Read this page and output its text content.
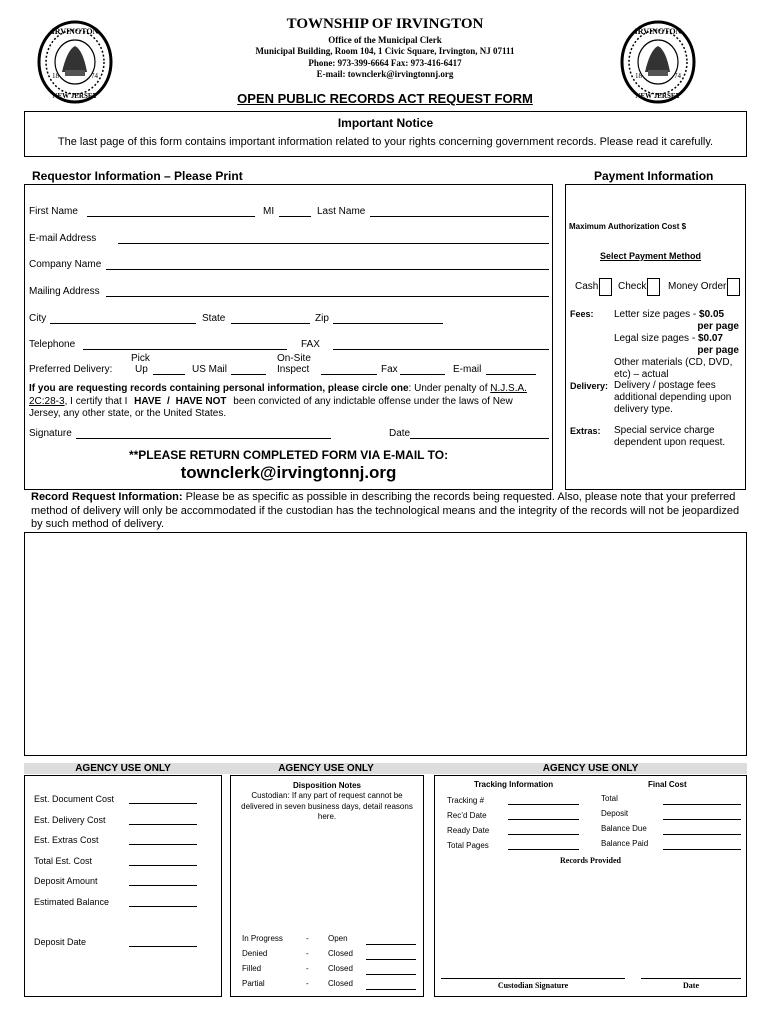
IRVINGTON
NEW JERSEY
18	74
IRVINGTON
NEW JERSEY
18	74
TOWNSHIP OF IRVINGTON
Office of the Municipal Clerk
Municipal Building, Room 104, 1 Civic Square, Irvington, NJ 07111
Phone: 973-399-6664 Fax: 973-416-6417
E-mail: townclerk@irvingtonnj.org
OPEN PUBLIC RECORDS ACT REQUEST FORM
Important Notice
The last page of this form contains important information related to your rights concerning government records. Please read it carefully.
Requestor Information – Please Print	Payment Information
First Name	MI	Last Name
E-mail Address
Company Name
Mailing Address
City	State	Zip
Telephone	FAX
Pick	On-Site
Preferred Delivery: Up	US Mail	Inspect	Fax	E-mail
If you are requesting records containing personal information, please circle one: Under penalty of N.J.S.A.
2C:28-3, I certify that I HAVE / HAVE NOT been convicted of any indictable offense under the laws of New
Jersey, any other state, or the United States.
Signature	Date
**PLEASE RETURN COMPLETED FORM VIA E-MAIL TO:
townclerk@irvingtonnj.org
Maximum Authorization Cost $
Select Payment Method
Cash Check Money Order
Fees: Letter size pages - $0.05
per page
Legal size pages - $0.07
per page
Other materials (CD, DVD,
etc) – actual
Delivery: Delivery / postage fees
additional depending upon
delivery type.
Extras: Special service charge
dependent upon request.
Record Request Information: Please be as specific as possible in describing the records being requested. Also, please note that your preferred method of delivery will only be accommodated if the custodian has the technological means and the integrity of the records will not be jeopardized by such method of delivery.
AGENCY USE ONLY	AGENCY USE ONLY	AGENCY USE ONLY
Est. Document Cost
Est. Delivery Cost
Est. Extras Cost
Total Est. Cost
Deposit Amount
Estimated Balance
Deposit Date
Disposition Notes
Custodian: If any part of request cannot be delivered in seven business days, detail reasons here.
In Progress	- Open
Denied	- Closed
Filled	- Closed
Partial	- Closed
Tracking Information	Final Cost
Tracking #
Rec’d Date
Ready Date
Total Pages
Total
Deposit
Balance Due
Balance Paid
Records Provided
Custodian Signature	Date
